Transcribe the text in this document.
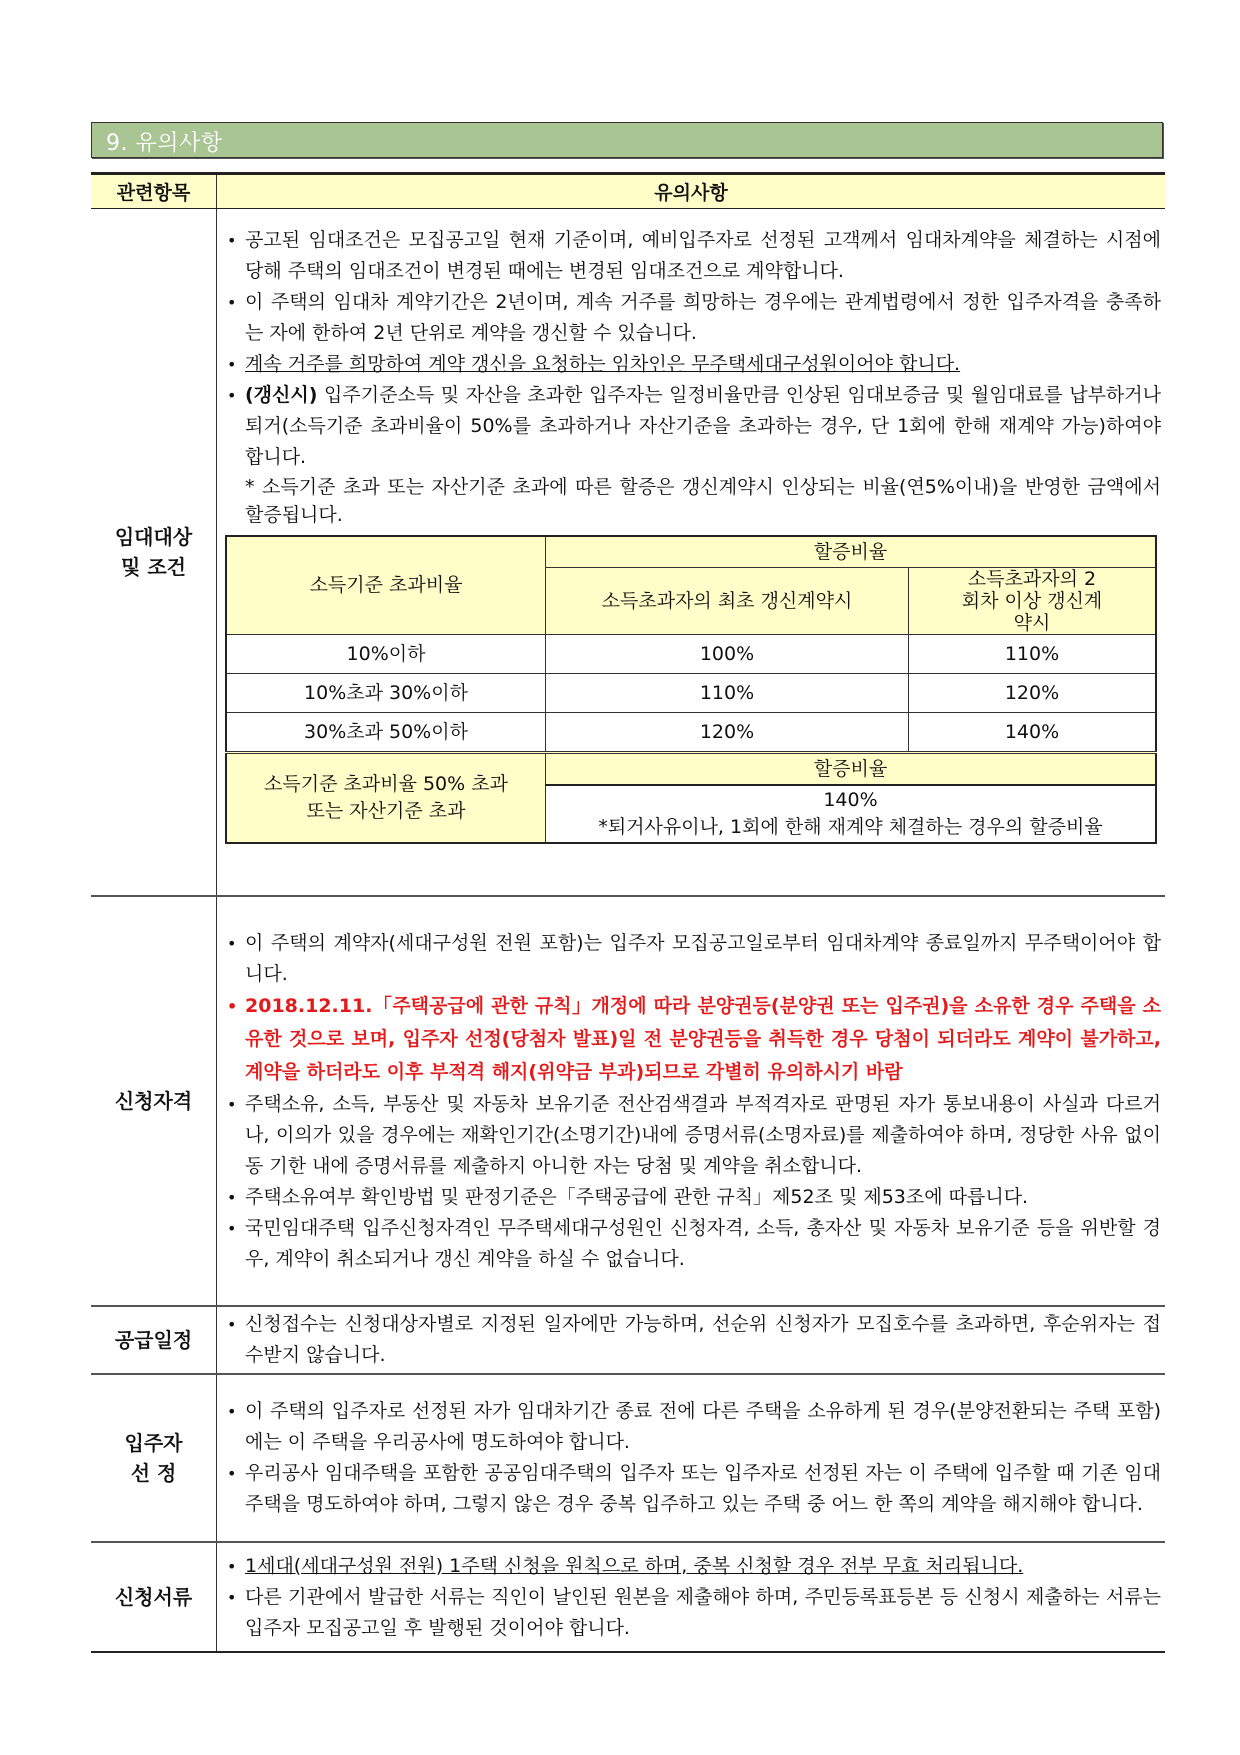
9. 유의사항
관련항목	유의사항

임대대상
및 조건

• 공고된 임대조건은 모집공고일 현재 기준이며, 예비입주자로 선정된 고객께서 임대차계약을 체결하는 시점에 당해 주택의 임대조건이 변경된 때에는 변경된 임대조건으로 계약합니다.
• 이 주택의 임대차 계약기간은 2년이며, 계속 거주를 희망하는 경우에는 관계법령에서 정한 입주자격을 충족하는 자에 한하여 2년 단위로 계약을 갱신할 수 있습니다.
• 계속 거주를 희망하여 계약 갱신을 요청하는 임차인은 무주택세대구성원이어야 합니다.
• (갱신시) 입주기준소득 및 자산을 초과한 입주자는 일정비율만큼 인상된 임대보증금 및 월임대료를 납부하거나 퇴거(소득기준 초과비율이 50%를 초과하거나 자산기준을 초과하는 경우, 단 1회에 한해 재계약 가능)하여야 합니다.
* 소득기준 초과 또는 자산기준 초과에 따른 할증은 갱신계약시 인상되는 비율(연5%이내)을 반영한 금액에서 할증됩니다.
소득기준 초과비율	할증비율
소득초과자의 최초 갱신계약시	소득초과자의 2회차 이상 갱신계약시
10%이하	100%	110%
10%초과 30%이하	110%	120%
30%초과 50%이하	120%	140%

소득기준 초과비율 50% 초과
또는 자산기준 초과
	할증비율

140%
*퇴거사유이나, 1회에 한해 재계약 체결하는 경우의 할증비율

신청자격	
• 이 주택의 계약자(세대구성원 전원 포함)는 입주자 모집공고일로부터 임대차계약 종료일까지 무주택이어야 합니다.
• 2018.12.11.「주택공급에 관한 규칙」개정에 따라 분양권등(분양권 또는 입주권)을 소유한 경우 주택을 소유한 것으로 보며, 입주자 선정(당첨자 발표)일 전 분양권등을 취득한 경우 당첨이 되더라도 계약이 불가하고, 계약을 하더라도 이후 부적격 해지(위약금 부과)되므로 각별히 유의하시기 바람
• 주택소유, 소득, 부동산 및 자동차 보유기준 전산검색결과 부적격자로 판명된 자가 통보내용이 사실과 다르거나, 이의가 있을 경우에는 재확인기간(소명기간)내에 증명서류(소명자료)를 제출하여야 하며, 정당한 사유 없이 동 기한 내에 증명서류를 제출하지 아니한 자는 당첨 및 계약을 취소합니다.
• 주택소유여부 확인방법 및 판정기준은「주택공급에 관한 규칙」제52조 및 제53조에 따릅니다.
• 국민임대주택 입주신청자격인 무주택세대구성원인 신청자격, 소득, 총자산 및 자동차 보유기준 등을 위반할 경우, 계약이 취소되거나 갱신 계약을 하실 수 없습니다.

공급일정	
• 신청접수는 신청대상자별로 지정된 일자에만 가능하며, 선순위 신청자가 모집호수를 초과하면, 후순위자는 접수받지 않습니다.

입주자
선 정

• 이 주택의 입주자로 선정된 자가 임대차기간 종료 전에 다른 주택을 소유하게 된 경우(분양전환되는 주택 포함)에는 이 주택을 우리공사에 명도하여야 합니다.
• 우리공사 임대주택을 포함한 공공임대주택의 입주자 또는 입주자로 선정된 자는 이 주택에 입주할 때 기존 임대주택을 명도하여야 하며, 그렇지 않은 경우 중복 입주하고 있는 주택 중 어느 한 쪽의 계약을 해지해야 합니다.

신청서류	
• 1세대(세대구성원 전원) 1주택 신청을 원칙으로 하며, 중복 신청할 경우 전부 무효 처리됩니다.
• 다른 기관에서 발급한 서류는 직인이 날인된 원본을 제출해야 하며, 주민등록표등본 등 신청시 제출하는 서류는 입주자 모집공고일 후 발행된 것이어야 합니다.
